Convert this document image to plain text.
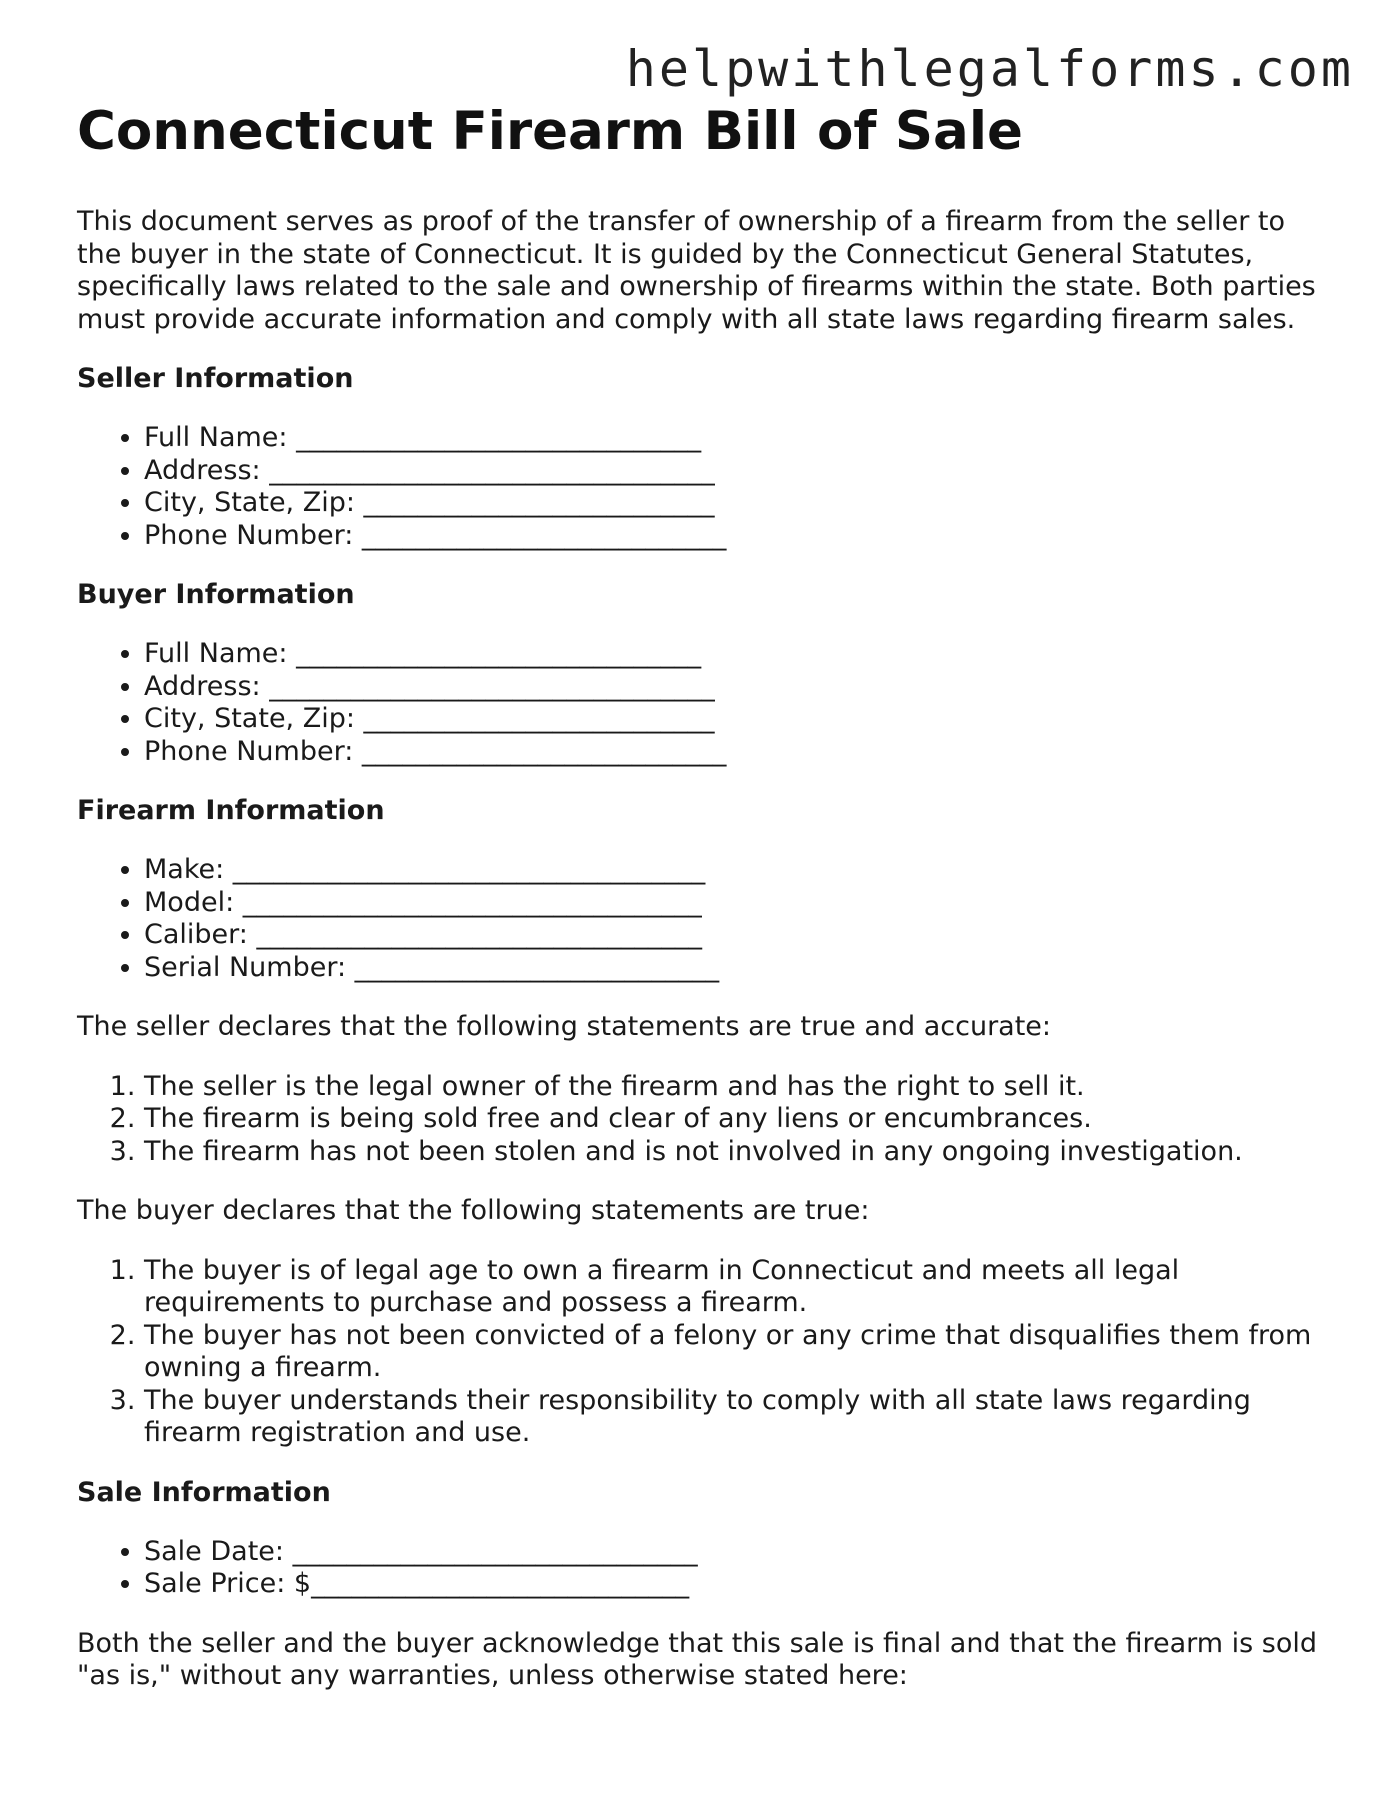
helpwithlegalforms.com
Connecticut Firearm Bill of Sale

This document serves as proof of the transfer of ownership of a firearm from the seller to the buyer in the state of Connecticut. It is guided by the Connecticut General Statutes, specifically laws related to the sale and ownership of firearms within the state. Both parties must provide accurate information and comply with all state laws regarding firearm sales.

Seller Information
• Full Name: ______________________________
• Address: _________________________________
• City, State, Zip: __________________________
• Phone Number: ___________________________
Buyer Information
• Full Name: ______________________________
• Address: _________________________________
• City, State, Zip: __________________________
• Phone Number: ___________________________
Firearm Information
• Make: ___________________________________
• Model: __________________________________
• Caliber: _________________________________
• Serial Number: ___________________________

The seller declares that the following statements are true and accurate:

1. The seller is the legal owner of the firearm and has the right to sell it.
2. The firearm is being sold free and clear of any liens or encumbrances.
3. The firearm has not been stolen and is not involved in any ongoing investigation.

The buyer declares that the following statements are true:

1. The buyer is of legal age to own a firearm in Connecticut and meets all legal requirements to purchase and possess a firearm.
2. The buyer has not been convicted of a felony or any crime that disqualifies them from owning a firearm.
3. The buyer understands their responsibility to comply with all state laws regarding firearm registration and use.
Sale Information
• Sale Date: ______________________________
• Sale Price: $____________________________

Both the seller and the buyer acknowledge that this sale is final and that the firearm is sold "as is," without any warranties, unless otherwise stated here:
